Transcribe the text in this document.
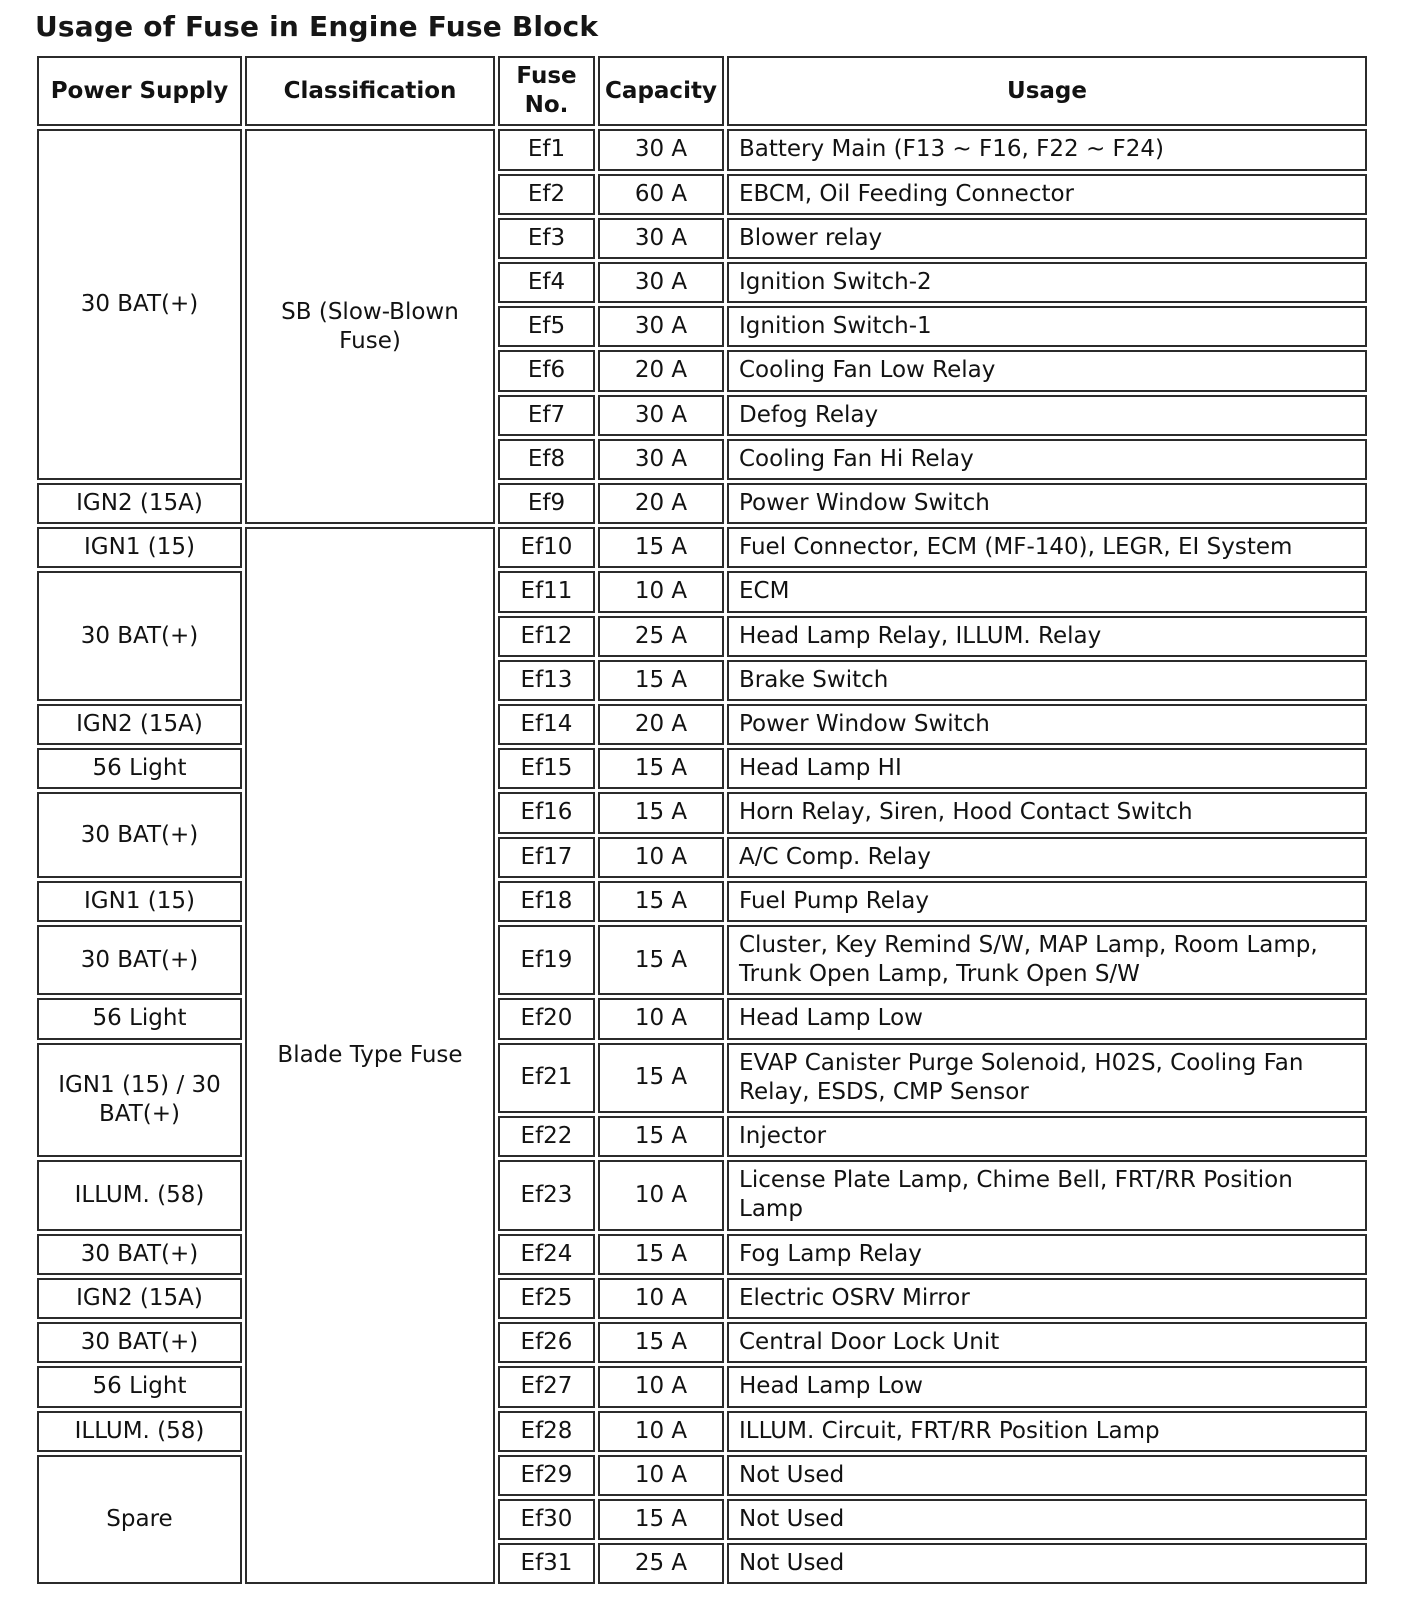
Usage of Fuse in Engine Fuse Block
Power Supply	Classification	Fuse No.	Capacity	Usage
30 BAT(+)	SB (Slow-Blown Fuse)	Ef1	30 A	Battery Main (F13 ~ F16, F22 ~ F24)
		Ef2	60 A	EBCM, Oil Feeding Connector
		Ef3	30 A	Blower relay
		Ef4	30 A	Ignition Switch-2
		Ef5	30 A	Ignition Switch-1
		Ef6	20 A	Cooling Fan Low Relay
		Ef7	30 A	Defog Relay
		Ef8	30 A	Cooling Fan Hi Relay
IGN2 (15A)		Ef9	20 A	Power Window Switch
IGN1 (15)	Blade Type Fuse	Ef10	15 A	Fuel Connector, ECM (MF-140), LEGR, EI System
30 BAT(+)		Ef11	10 A	ECM
		Ef12	25 A	Head Lamp Relay, ILLUM. Relay
		Ef13	15 A	Brake Switch
IGN2 (15A)		Ef14	20 A	Power Window Switch
56 Light		Ef15	15 A	Head Lamp HI
30 BAT(+)		Ef16	15 A	Horn Relay, Siren, Hood Contact Switch
		Ef17	10 A	A/C Comp. Relay
IGN1 (15)		Ef18	15 A	Fuel Pump Relay
30 BAT(+)		Ef19	15 A	Cluster, Key Remind S/W, MAP Lamp, Room Lamp, Trunk Open Lamp, Trunk Open S/W
56 Light		Ef20	10 A	Head Lamp Low
IGN1 (15) / 30 BAT(+)		Ef21	15 A	EVAP Canister Purge Solenoid, H02S, Cooling Fan Relay, ESDS, CMP Sensor
		Ef22	15 A	Injector
ILLUM. (58)		Ef23	10 A	License Plate Lamp, Chime Bell, FRT/RR Position Lamp
30 BAT(+)		Ef24	15 A	Fog Lamp Relay
IGN2 (15A)		Ef25	10 A	Electric OSRV Mirror
30 BAT(+)		Ef26	15 A	Central Door Lock Unit
56 Light		Ef27	10 A	Head Lamp Low
ILLUM. (58)		Ef28	10 A	ILLUM. Circuit, FRT/RR Position Lamp
Spare		Ef29	10 A	Not Used
		Ef30	15 A	Not Used
		Ef31	25 A	Not Used
